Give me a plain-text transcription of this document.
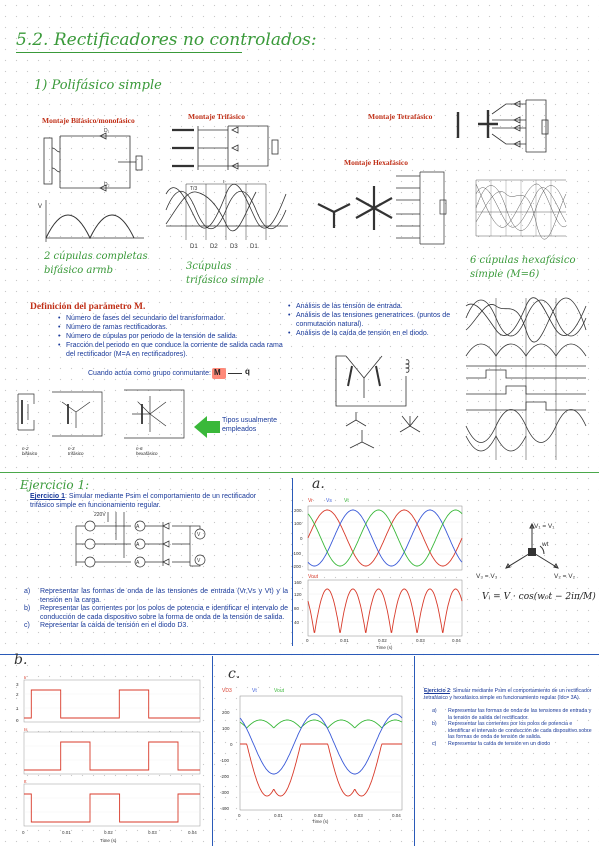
5.2. Rectificadores no controlados:
1) Polifásico simple
Montaje Bifásico/monofásico
D₁
D₂
V
2 cúpulas completas bifásico armb
Montaje Trifásico
T
T/3
D1 D2 D3 D1
3cúpulas trifásico simple
Montaje Tetrafásico
Montaje Hexafásico
6 cúpulas hexafásico simple (M=6)
Definición del parámetro M.
• Número de fases del secundario del transformador.
• Número de ramas rectificadoras.
• Número de cúpulas por periodo de la tensión de salida.
• Fracción del periodo en que conduce la corriente de salida cada rama del rectificador (M=A en rectificadores).
Cuando actúa como grupo conmutante: M	q
n-2 bifásico
n-3 trifásico
n-6 hexafásico
Tipos usualmente empleados
• Análisis de las tensión de entrada.
• Análisis de las tensiones generatrices. (puntos de conmutación natural).
• Análisis de la caída de tensión en el diodo.
Ejercicio 1:
Ejercicio 1: Simular mediante Psim el comportamiento de un rectificador trifásico simple en funcionamiento regular.
220V
A
A
A
V
V
a)	Representar las formas de onda de las tensiones de entrada (Vr,Vs y Vt) y la tensión en la carga.
b)	Representar las corrientes por los polos de potencia e identificar el intervalo de conducción de cada dispositivo sobre la forma de onda de la tensión de salida.
c)	Representar la caída de tensión en el diodo D3.
a.
Vr	Vs Vt
200
100
0
-100
-200
Vout
160
120
80
40
0	0.01	0.02	0.03	0.04
Time (s)
V₁ = V₁
V₃ = V₃	V₂ = V₂
wt
Vᵢ = V · cos(w₀t − 2iπ/M)
b.
c.
Ir
Is
It
3
2
1
0
0	0.01	0.02	0.03	0.04
Time (s)
VD3	Vt	Vout
200
100
0
-100
-200
-300
-400
0	0.01	0.02	0.03	0.04
Time (s)
Ejercicio 2: Simular mediante Psim el comportamiento de un rectificador tetrafásico y hexafásico simple en funcionamiento regular (Idc= 3A).
a)	Representar las formas de onda de las tensiones de entrada y la tensión de salida del rectificador.
b)	Representar las corrientes por los polos de potencia e identificar el intervalo de conducción de cada dispositivo sobre las formas de onda de tensión de salida.
c)	Representar la caída de tensión en un diodo
